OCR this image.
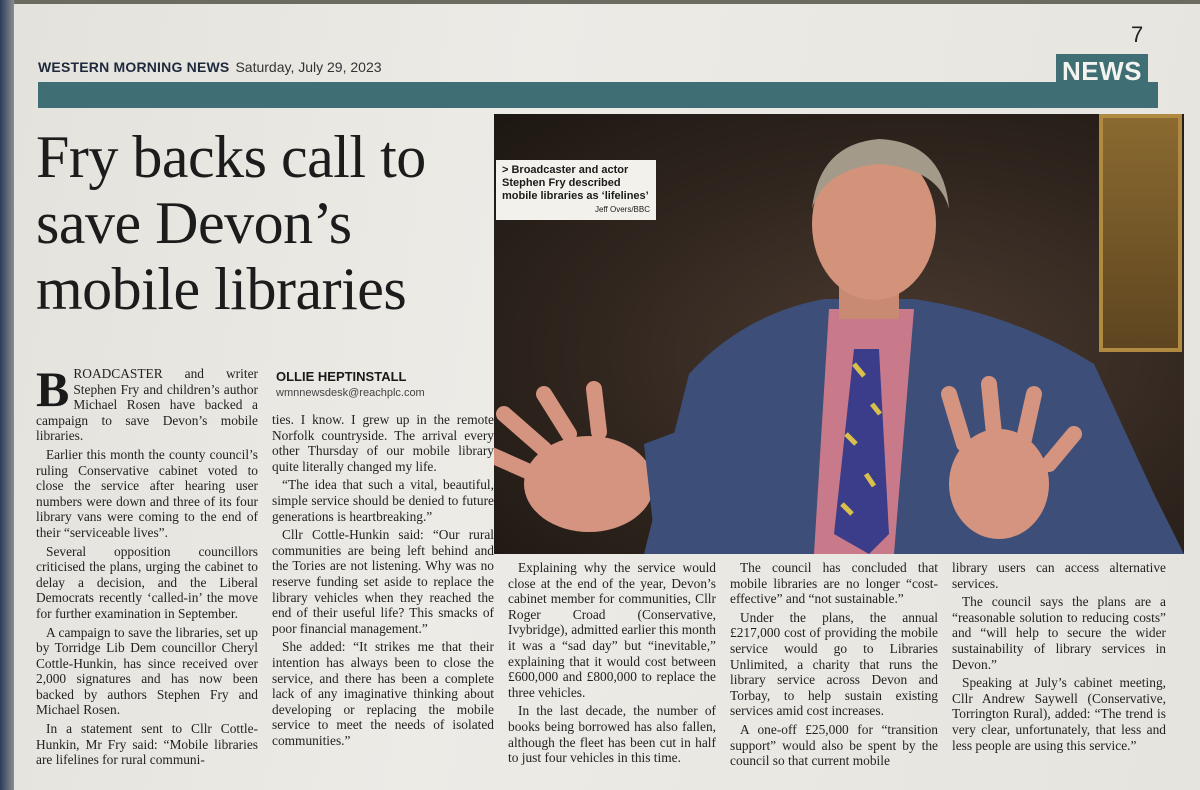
7
WESTERN MORNING NEWS Saturday, July 29, 2023	NEWS
Fry backs call to save Devon’s mobile libraries
> Broadcaster and actor Stephen Fry described mobile libraries as ‘lifelines’
Jeff Overs/BBC
OLLIE HEPTINSTALL
wmnnewsdesk@reachplc.com

BROADCASTER and writer Stephen Fry and children’s author Michael Rosen have backed a campaign to save Devon’s mobile libraries.

Earlier this month the county council’s ruling Conservative cabinet voted to close the service after hearing user numbers were down and three of its four library vans were coming to the end of their “serviceable lives”.

Several opposition councillors criticised the plans, urging the cabinet to delay a decision, and the Liberal Democrats recently ‘called-in’ the move for further examination in September.

A campaign to save the libraries, set up by Torridge Lib Dem councillor Cheryl Cottle-Hunkin, has since received over 2,000 signatures and has now been backed by authors Stephen Fry and Michael Rosen.

In a statement sent to Cllr Cottle-Hunkin, Mr Fry said: “Mobile libraries are lifelines for rural communi-

ties. I know. I grew up in the remote Norfolk countryside. The arrival every other Thursday of our mobile library quite literally changed my life.

“The idea that such a vital, beautiful, simple service should be denied to future generations is heartbreaking.”

Cllr Cottle-Hunkin said: “Our rural communities are being left behind and the Tories are not listening. Why was no reserve funding set aside to replace the library vehicles when they reached the end of their useful life? This smacks of poor financial management.”

She added: “It strikes me that their intention has always been to close the service, and there has been a complete lack of any imaginative thinking about developing or replacing the mobile service to meet the needs of isolated communities.”

Explaining why the service would close at the end of the year, Devon’s cabinet member for communities, Cllr Roger Croad (Conservative, Ivybridge), admitted earlier this month it was a “sad day” but “inevitable,” explaining that it would cost between £600,000 and £800,000 to replace the three vehicles.

In the last decade, the number of books being borrowed has also fallen, although the fleet has been cut in half to just four vehicles in this time.

The council has concluded that mobile libraries are no longer “cost-effective” and “not sustainable.”

Under the plans, the annual £217,000 cost of providing the mobile service would go to Libraries Unlimited, a charity that runs the library service across Devon and Torbay, to help sustain existing services amid cost increases.

A one-off £25,000 for “transition support” would also be spent by the council so that current mobile

library users can access alternative services.

The council says the plans are a “reasonable solution to reducing costs” and “will help to secure the wider sustainability of library services in Devon.”

Speaking at July’s cabinet meeting, Cllr Andrew Saywell (Conservative, Torrington Rural), added: “The trend is very clear, unfortunately, that less and less people are using this service.”
